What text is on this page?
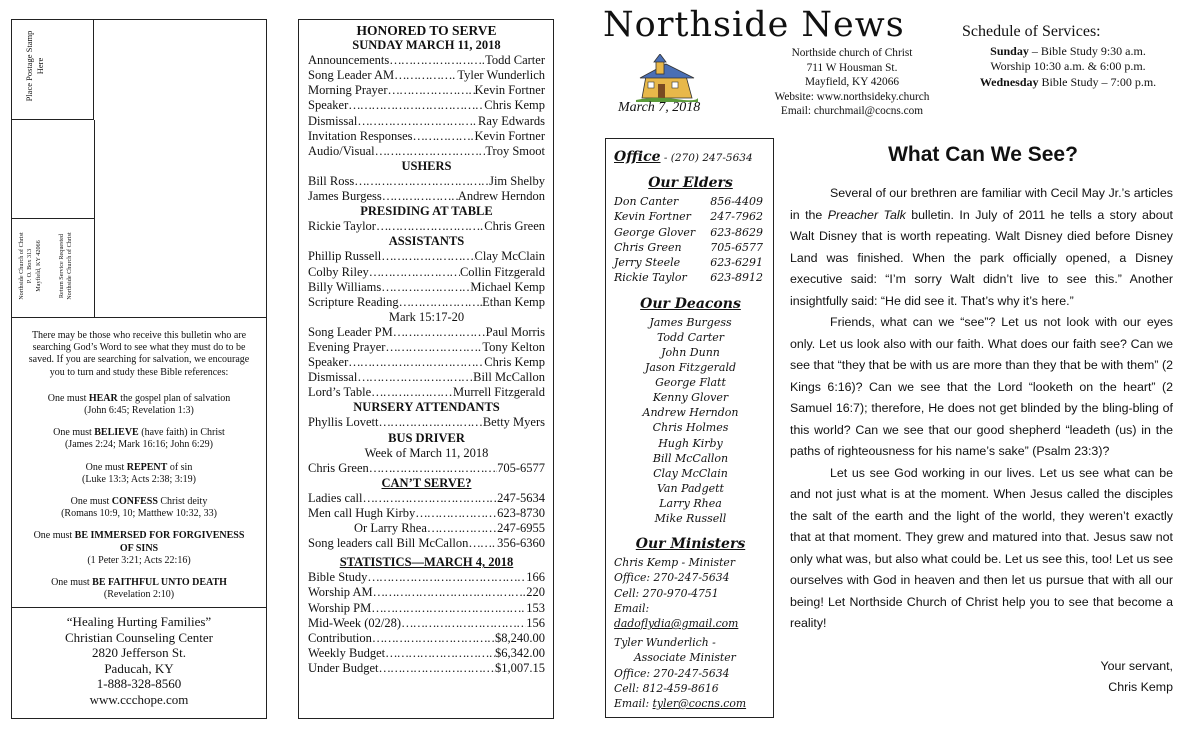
Place Postage Stamp Here
Northside Church of Christ P. O. Box 313 Mayfield, KY 42066	Return Service Requested Northside Church of Christ
There may be those who receive this bulletin who are searching God’s Word to see what they must do to be saved. If you are searching for salvation, we encourage you to turn and study these Bible references:
One must HEAR the gospel plan of salvation
(John 6:45; Revelation 1:3)
One must BELIEVE (have faith) in Christ
(James 2:24; Mark 16:16; John 6:29)
One must REPENT of sin
(Luke 13:3; Acts 2:38; 3:19)
One must CONFESS Christ deity
(Romans 10:9, 10; Matthew 10:32, 33)
One must BE IMMERSED FOR FORGIVENESS OF SINS
(1 Peter 3:21; Acts 22:16)
One must BE FAITHFUL UNTO DEATH
(Revelation 2:10)
“Healing Hurting Families”
Christian Counseling Center
2820 Jefferson St.
Paducah, KY
1-888-328-8560
www.ccchope.com
HONORED TO SERVE
SUNDAY MARCH 11, 2018
Announcements ……………………………………………………………………………………………………………	Todd Carter
Song Leader AM ……………………………………………………………………………………………………………	Tyler Wunderlich
Morning Prayer ……………………………………………………………………………………………………………	Kevin Fortner
Speaker ……………………………………………………………………………………………………………	Chris Kemp
Dismissal ……………………………………………………………………………………………………………	Ray Edwards
Invitation Responses ……………………………………………………………………………………………………………	Kevin Fortner
Audio/Visual ……………………………………………………………………………………………………………	Troy Smoot
USHERS
Bill Ross ……………………………………………………………………………………………………………	Jim Shelby
James Burgess ……………………………………………………………………………………………………………	Andrew Herndon
PRESIDING AT TABLE
Rickie Taylor ……………………………………………………………………………………………………………	Chris Green
ASSISTANTS
Phillip Russell ……………………………………………………………………………………………………………	Clay McClain
Colby Riley ……………………………………………………………………………………………………………	Collin Fitzgerald
Billy Williams ……………………………………………………………………………………………………………	Michael Kemp
Scripture Reading ……………………………………………………………………………………………………………	Ethan Kemp
Mark 15:17-20
Song Leader PM ……………………………………………………………………………………………………………	Paul Morris
Evening Prayer ……………………………………………………………………………………………………………	Tony Kelton
Speaker ……………………………………………………………………………………………………………	Chris Kemp
Dismissal ……………………………………………………………………………………………………………	Bill McCallon
Lord’s Table ……………………………………………………………………………………………………………	Murrell Fitzgerald
NURSERY ATTENDANTS
Phyllis Lovett ……………………………………………………………………………………………………………	Betty Myers
BUS DRIVER
Week of March 11, 2018
Chris Green ……………………………………………………………………………………………………………	705-6577
CAN’T SERVE?
Ladies call ……………………………………………………………………………………………………………	247-5634
Men call Hugh Kirby ……………………………………………………………………………………………………………	623-8730
Or Larry Rhea ……………………………………………………………………………………………………………	247-6955
Song leaders call Bill McCallon …………………………………………………………………………………………………………… 356-6360
STATISTICS—MARCH 4, 2018
Bible Study ……………………………………………………………………………………………………………	166
Worship AM ……………………………………………………………………………………………………………	220
Worship PM ……………………………………………………………………………………………………………	153
Mid-Week (02/28) ……………………………………………………………………………………………………………	156
Contribution ……………………………………………………………………………………………………………	$8,240.00
Weekly Budget ……………………………………………………………………………………………………………	$6,342.00
Under Budget ……………………………………………………………………………………………………………	$1,007.15
Northside News
March 7, 2018
Northside church of Christ
711 W Housman St.
Mayfield, KY 42066
Website: www.northsideky.church
Email: churchmail@cocns.com
Schedule of Services:
Sunday – Bible Study 9:30 a.m.
Worship 10:30 a.m. & 6:00 p.m.
Wednesday Bible Study – 7:00 p.m.
Office - (270) 247-5634
Our Elders
Don Canter	856-4409
Kevin Fortner 247-7962
George Glover 623-8629
Chris Green	705-6577
Jerry Steele	623-6291
Rickie Taylor 623-8912
Our Deacons
James Burgess
Todd Carter
John Dunn
Jason Fitzgerald
George Flatt
Kenny Glover
Andrew Herndon
Chris Holmes
Hugh Kirby
Bill McCallon
Clay McClain
Van Padgett
Larry Rhea
Mike Russell
Our Ministers
Chris Kemp - Minister
Office: 270-247-5634
Cell: 270-970-4751
Email: dadoflydia@gmail.com
Tyler Wunderlich -
Associate Minister
Office: 270-247-5634
Cell: 812-459-8616
Email: tyler@cocns.com
What Can We See?

Several of our brethren are familiar with Cecil May Jr.’s articles in the Preacher Talk bulletin. In July of 2011 he tells a story about Walt Disney that is worth repeating. Walt Disney died before Disney Land was finished. When the park officially opened, a Disney executive said: “I’m sorry Walt didn’t live to see this.” Another insightfully said: “He did see it. That’s why it’s here.”

Friends, what can we “see”? Let us not look with our eyes only. Let us look also with our faith. What does our faith see? Can we see that “they that be with us are more than they that be with them” (2 Kings 6:16)? Can we see that the Lord “looketh on the heart” (2 Samuel 16:7); therefore, He does not get blinded by the bling-bling of this world? Can we see that our good shepherd “leadeth (us) in the paths of righteousness for his name’s sake” (Psalm 23:3)?

Let us see God working in our lives. Let us see what can be and not just what is at the moment. When Jesus called the disciples the salt of the earth and the light of the world, they weren’t exactly that at that moment. They grew and matured into that. Jesus saw not only what was, but also what could be. Let us see this, too! Let us see ourselves with God in heaven and then let us pursue that with all our being! Let Northside Church of Christ help you to see that become a reality!

Your servant,
Chris Kemp
